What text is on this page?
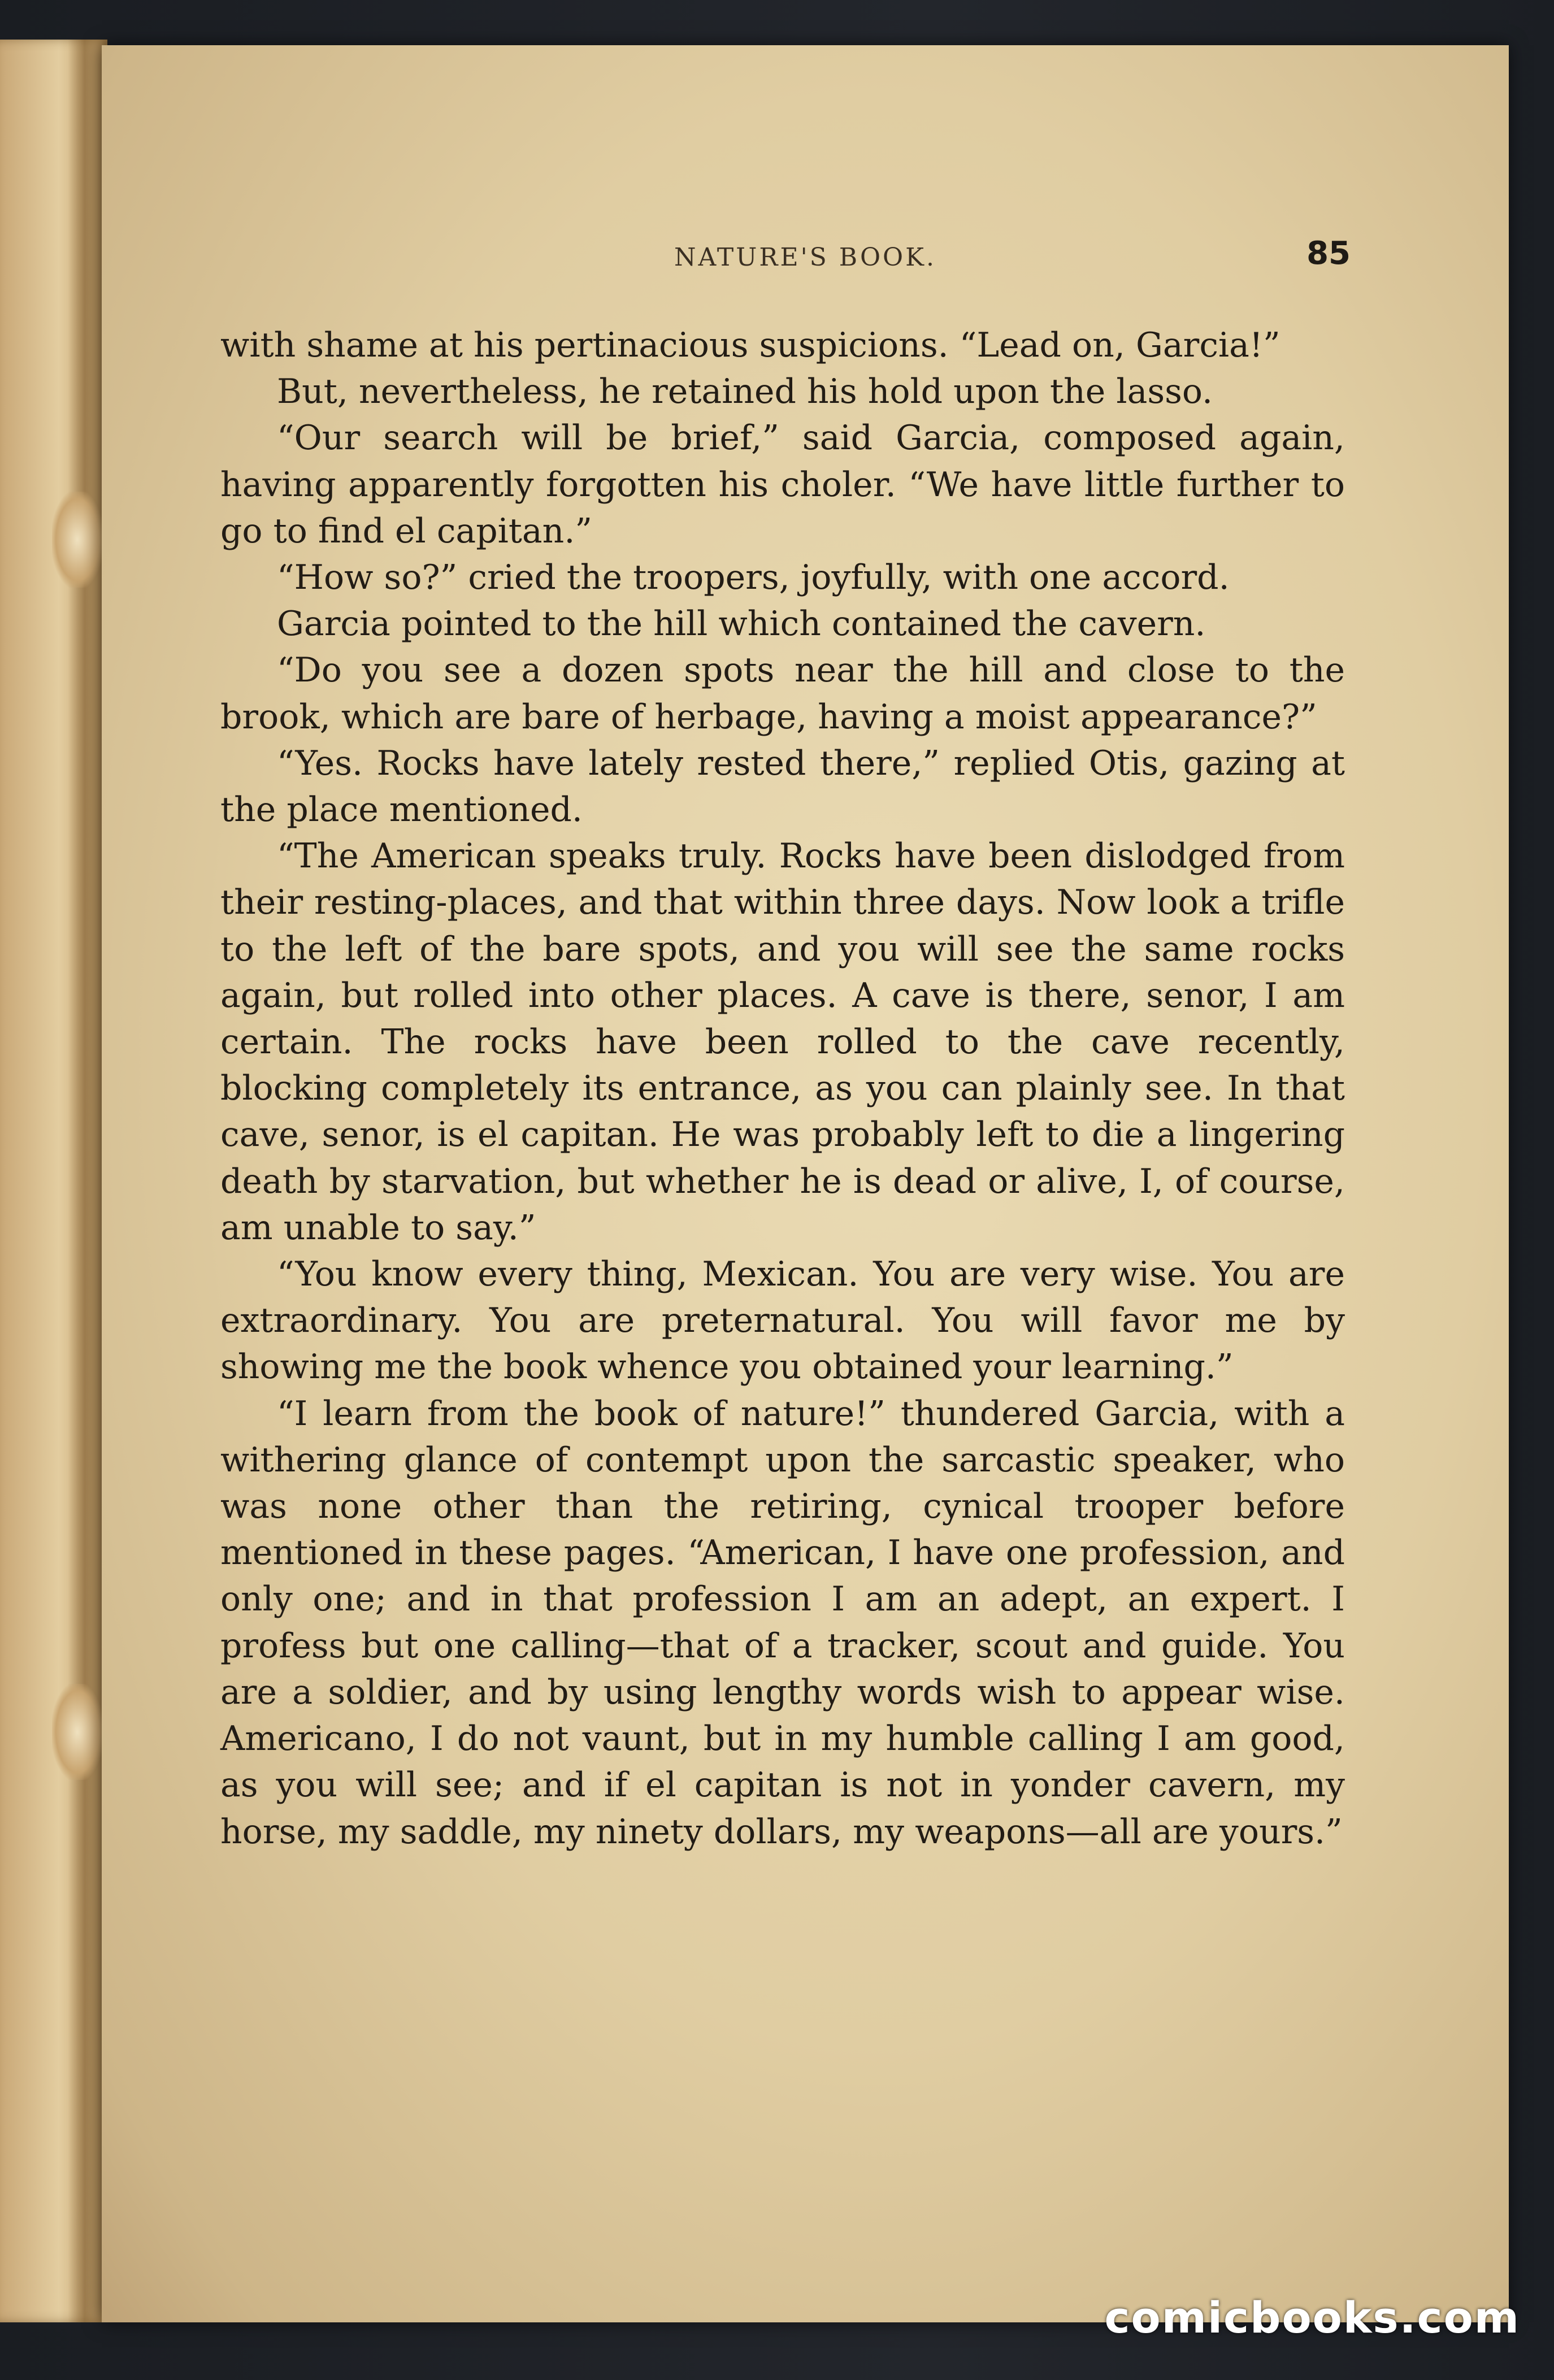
NATURE'S BOOK.	85

with shame at his pertinacious suspicions. “Lead on, Garcia!”

But, nevertheless, he retained his hold upon the lasso.

“Our search will be brief,” said Garcia, composed again, having apparently forgotten his choler. “We have little further to go to find el capitan.”

“How so?” cried the troopers, joyfully, with one accord.

Garcia pointed to the hill which contained the cavern.

“Do you see a dozen spots near the hill and close to the brook, which are bare of herbage, having a moist appearance?”

“Yes. Rocks have lately rested there,” replied Otis, gazing at the place mentioned.

“The American speaks truly. Rocks have been dislodged from their resting-places, and that within three days. Now look a trifle to the left of the bare spots, and you will see the same rocks again, but rolled into other places. A cave is there, senor, I am certain. The rocks have been rolled to the cave recently, blocking completely its entrance, as you can plainly see. In that cave, senor, is el capitan. He was probably left to die a lingering death by starvation, but whether he is dead or alive, I, of course, am unable to say.”

“You know every thing, Mexican. You are very wise. You are extraordinary. You are preternatural. You will favor me by showing me the book whence you obtained your learning.”

“I learn from the book of nature!” thundered Garcia, with a withering glance of contempt upon the sarcastic speaker, who was none other than the retiring, cynical trooper before mentioned in these pages. “American, I have one profession, and only one; and in that profession I am an adept, an expert. I profess but one calling—that of a tracker, scout and guide. You are a soldier, and by using lengthy words wish to appear wise. Americano, I do not vaunt, but in my humble calling I am good, as you will see; and if el capitan is not in yonder cavern, my horse, my saddle, my ninety dollars, my weapons—all are yours.”

comicbooks.com
